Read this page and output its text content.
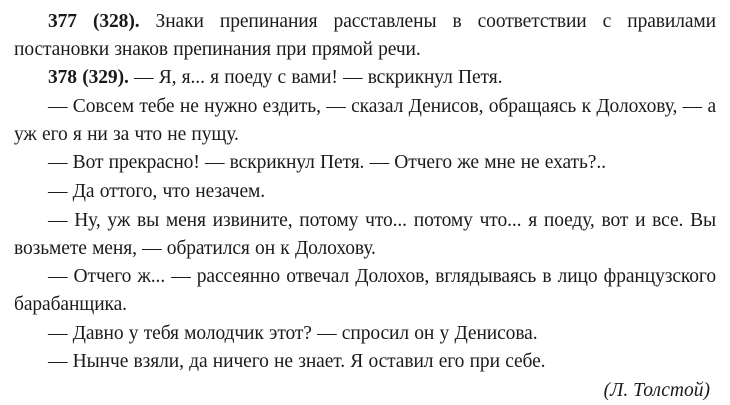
377 (328). Знаки препинания расставлены в соответствии с правилами постановки знаков препинания при прямой речи.

378 (329). — Я, я... я поеду с вами! — вскрикнул Петя.

— Совсем тебе не нужно ездить, — сказал Денисов, обращаясь к Долохову, — а уж его я ни за что не пущу.

— Вот прекрасно! — вскрикнул Петя. — Отчего же мне не ехать?..

— Да оттого, что незачем.

— Ну, уж вы меня извините, потому что... потому что... я поеду, вот и все. Вы возьмете меня, — обратился он к Долохову.

— Отчего ж... — рассеянно отвечал Долохов, вглядываясь в лицо французского барабанщика.

— Давно у тебя молодчик этот? — спросил он у Денисова.

— Нынче взяли, да ничего не знает. Я оставил его при себе.

(Л. Толстой)
